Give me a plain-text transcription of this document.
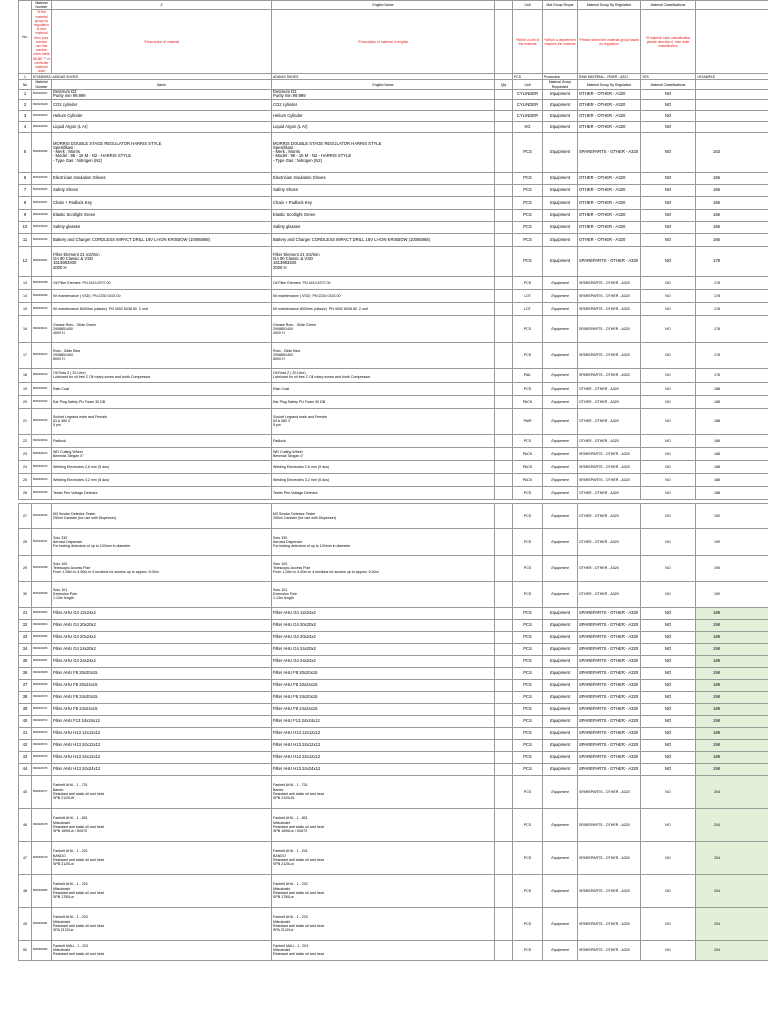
No.	Material Number	Z	English Name		Unit	Mat Group Reque	Material Group By Regulation	Material Classifications	
	*If the material group by regulation is new material then your number use this number order table 88-BE ** of controller material code	*Description of material	*Description of material in english		*Which a unit of the material	*Which a department requires the material	*Please select the material group based on regulation	*If material have classification please describe it, else write classification	
1	6721800921 ADIDAS SHOES		ADIDAS SHOES		PCS	Production	RAW MATERIAL - FIBER - A321	YES	=EXAMPLE
No	Material Number	Name	English Name	Qty	Unit	Material Group Requested	Material Group By Regulation	Material Classifications	
1	8000100027	Deterium D2
Purity min 99,999	Deterium D2
Purity min 99,999		CYLINDER	Equipment	OTHER - OTHER - A320	NO	
2	8000100028	CO2 cylinder	CO2 cylinder		CYLINDER	Equipment	OTHER - OTHER - A320	NO	
3	8000100029	Helium Cylinder	Helium Cylinder		CYLINDER	Equipment	OTHER - OTHER - A320	NO	
4	8000100030	Liquid Argon (L Ar)	Liquid Argon (L Ar)		KG	Equipment	OTHER - OTHER - A320	NO	
5	8000400096	MORRIS DOUBLE STAGE REGULATOR HARRIS STYLE
Spesifikasi :
- Merk : Morris
- Model : 96 - 15 M - N2 - HARRIS STYLE
- Type Gas : Nitrogen (N2)	MORRIS DOUBLE STAGE REGULATOR HARRIS STYLE
Spesifikasi :
- Merk : Morris
- Model : 96 - 15 M - N2 - HARRIS STYLE
- Type Gas : Nitrogen (N2)		PCS	Equipment	SPAREPARTS - OTHER - A320	NO	163
6	8000100025	Electrician Insulation Gloves	Electrician Insulation Gloves		PCS	Equipment	OTHER - OTHER - A320	NO	166
7	8000100026	Safety Shoes	Safety Shoes		PCS	Equipment	OTHER - OTHER - A320	NO	166
8	8000100027	Chain + Padlock Key	Chain + Padlock Key		PCS	Equipment	OTHER - OTHER - A320	NO	166
9	8000100028	Elastic Scotlight Green	Elastic Scotlight Green		PCS	Equipment	OTHER - OTHER - A320	NO	166
10	8000100029	Safety glasses	Safety glasses		PCS	Equipment	OTHER - OTHER - A320	NO	166
11	8000100030	Battery and Charger CORDLESS IMPACT DRILL 18V LI-ION KRISBOW (10085868)	Battery and Charger CORDLESS IMPACT DRILL 18V LI-ION KRISBOW (10085868)		PCS	Equipment	OTHER - OTHER - A320	NO	166
12	8000400097	Filter Element 21 m3/min
GA 90 Classic & VSD
1613983300
2000 H	Filter Element 21 m3/min
GA 90 Classic & VSD
1613983300
2000 H		PCS	Equipment	SPAREPARTS - OTHER - A320	NO	178
13	8000400098	Oil Filter Element  PN 1613 8707 00	Oil Filter Element  PN 1613 8707 00		PCS	Equipment	SPAREPARTS - OTHER - A320	NO	178
14	8000400099	Kit maintenance ( VSD)  PN 2230 0153 00	Kit maintenance ( VSD)  PN 2230 0153 00		LOT	Equipment	SPAREPARTS - OTHER - A320	NO	178
15	8000400100	Kit maintenance 8000hrs (classic)  PN 3002 6038 80  2 unit	Kit maintenance 8000hrs (classic)  PN 3002 6038 80  2 unit		LOT	Equipment	SPAREPARTS - OTHER - A320	NO	178
16	8000400101	Grease Roto - Glide Green
2908851400
4000 H	Grease Roto - Glide Green
2908851400
4000 H		PCS	Equipment	SPAREPARTS - OTHER - A320	NO	178
17	8000400102	Roto - Glide Blue
2908851400
8000 H	Roto - Glide Blue
2908851400
8000 H		PCS	Equipment	SPAREPARTS - OTHER - A320	NO	178
18	8000400103	Oil Rota Z ( 20 Litre)
Lubricant for oil free Z Oil rotary screw and tooth Compressor	Oil Rota Z ( 20 Litre)
Lubricant for oil free Z Oil rotary screw and tooth Compressor		PAIL	Equipment	SPAREPARTS - OTHER - A320	NO	178
19	8000100031	Rain Coat	Rain Coat		PCS	Equipment	OTHER - OTHER - A320	NO	188
20	8000100032	Ear Plug Safety PU Foam 30 DB	Ear Plug Safety PU Foam 30 DB		PACK	Equipment	OTHER - OTHER - A320	NO	188
21	8000100033	Socket Legrand male and Female
63 A 380 V
5 pin	Socket Legrand male and Female
63 A 380 V
5 pin		PAIR	Equipment	OTHER - OTHER - A320	NO	188
22	8000100034	Padlock	Padlock		PCS	Equipment	OTHER - OTHER - A320	NO	188
23	8000400104	WD Cutting Wheel
Benmda Tangan 4"	WD Cutting Wheel
Benmda Tangan 4"		PACK	Equipment	SPAREPARTS - OTHER - A320	NO	188
24	8000400105	Welding Electrodes 2,6 mm (5 dus)	Welding Electrodes 2,6 mm (5 dus)		PACK	Equipment	SPAREPARTS - OTHER - A320	NO	188
25	8000400106	Welding Electrodes 3,2 mm (5 dus)	Welding Electrodes 3,2 mm (5 dus)		PACK	Equipment	SPAREPARTS - OTHER - A320	NO	188
26	8000100035	Tester Pen Voltage Detector	Tester Pen Voltage Detector		PCS	Equipment	OTHER - OTHER - A320	NO	188
27	8000100036	M3 Smoke Detector Tester
250ml Canister (for use with Dispenser)	M3 Smoke Detector Tester
250ml Canister (for use with Dispenser)		PCS	Equipment	OTHER - OTHER - A320	NO	190
28	8000100037	Solo 330
Aerosol Dispenser
For testing detectors of up to 100mm in diameter	Solo 330
Aerosol Dispenser
For testing detectors of up to 100mm in diameter		PCS	Equipment	OTHER - OTHER - A320	NO	190
29	8000100038	Solo 100
Telescopic Access Pole
From 1.26m to 4.50m in 4 sections for access up to approx. 6.00m	Solo 100
Telescopic Access Pole
From 1.26m to 4.50m in 4 sections for access up to approx. 6.00m		PCS	Equipment	OTHER - OTHER - A320	NO	190
30	8000100039	Solo 101
Extension Pole
1.13m length	Solo 101
Extension Pole
1.13m length		PCS	Equipment	OTHER - OTHER - A320	NO	190
31	8000400063	Filter AHU G4 12x24x2	Filter AHU G4 12x24x2		PCS	Equipment	SPAREPARTS - OTHER - A320	NO	198
32	8000400064	Filter AHU G4 20x20x2	Filter AHU G4 20x20x2		PCS	Equipment	SPAREPARTS - OTHER - A320	NO	198
33	8000400065	Filter AHU G4 20x24x2	Filter AHU G4 20x24x2		PCS	Equipment	SPAREPARTS - OTHER - A320	NO	198
34	8000400066	Filter AHU G4 24x20x2	Filter AHU G4 24x20x2		PCS	Equipment	SPAREPARTS - OTHER - A320	NO	198
35	8000400067	Filter AHU G4 24x24x2	Filter AHU G4 24x24x2		PCS	Equipment	SPAREPARTS - OTHER - A320	NO	198
36	8000400068	Filter AHU F8 20x20x15	Filter AHU F8 20x20x15		PCS	Equipment	SPAREPARTS - OTHER - A320	NO	198
37	8000400069	Filter AHU F8 20x24x15	Filter AHU F8 20x24x15		PCS	Equipment	SPAREPARTS - OTHER - A320	NO	198
38	8000400070	Filter AHU F8 24x20x15	Filter AHU F8 24x20x15		PCS	Equipment	SPAREPARTS - OTHER - A320	NO	198
39	8000400071	Filter AHU F8 24x24x15	Filter AHU F8 24x24x15		PCS	Equipment	SPAREPARTS - OTHER - A320	NO	198
40	8000400072	Filter AHU F13 24x24x12	Filter AHU F13 24x24x12		PCS	Equipment	SPAREPARTS - OTHER - A320	NO	198
41	8000400073	Filter AHU H13 12x12x12	Filter AHU H13 12x12x12		PCS	Equipment	SPAREPARTS - OTHER - A320	NO	198
42	8000400074	Filter AHU H13 24x12x12	Filter AHU H13 24x12x12		PCS	Equipment	SPAREPARTS - OTHER - A320	NO	198
43	8000400075	Filter AHU H13 24x12x12	Filter AHU H13 24x12x12		PCS	Equipment	SPAREPARTS - OTHER - A320	NO	198
44	8000400076	Filter AHU H13 24x24x12	Filter AHU H13 24x24x12		PCS	Equipment	SPAREPARTS - OTHER - A320	NO	198
45	8000400077	Fanbelt AHU - 1 - 701
Bando
Resistant anti static oil and heat
SPB 2120LW	Fanbelt AHU - 1 - 701
Bando
Resistant anti static oil and heat
SPB 2120LW		PCS	Equipment	SPAREPARTS - OTHER - A320	NO	204
46	8000400078	Fanbelt AHU - 1 - 801
Mitsuboshi
Resistant anti static oil and heat
SPB 1690Lw / 5V670	Fanbelt AHU - 1 - 801
Mitsuboshi
Resistant anti static oil and heat
SPB 1690Lw / 5V670		PCS	Equipment	SPAREPARTS - OTHER - A320	NO	204
47	8000400079	Fanbelt AHU - 1 - 201
BANDO
Resistant anti static oil and heat
SPB 2120Lw	Fanbelt AHU - 1 - 201
BANDO
Resistant anti static oil and heat
SPB 2120Lw		PCS	Equipment	SPAREPARTS - OTHER - A320	NO	204
48	8000400080	Fanbelt AHU - 1 - 202
Mitsuboshi
Resistant anti static oil and heat
SPB 1750Lw	Fanbelt AHU - 1 - 202
Mitsuboshi
Resistant anti static oil and heat
SPB 1750Lw		PCS	Equipment	SPAREPARTS - OTHER - A320	NO	204
49	8000400081	Fanbelt AHU - 1 - 203
Mitsuboshi
Resistant anti static oil and heat
SPA 2132Lw	Fanbelt AHU - 1 - 203
Mitsuboshi
Resistant anti static oil and heat
SPA 2132Lw		PCS	Equipment	SPAREPARTS - OTHER - A320	NO	204
50	8000400082	Fanbelt MAU - 1 - 201
Mitsuboshi
Resistant anti static oil and heat	Fanbelt MAU - 1 - 201
Mitsuboshi
Resistant anti static oil and heat		PCS	Equipment	SPAREPARTS - OTHER - A320	NO	204
